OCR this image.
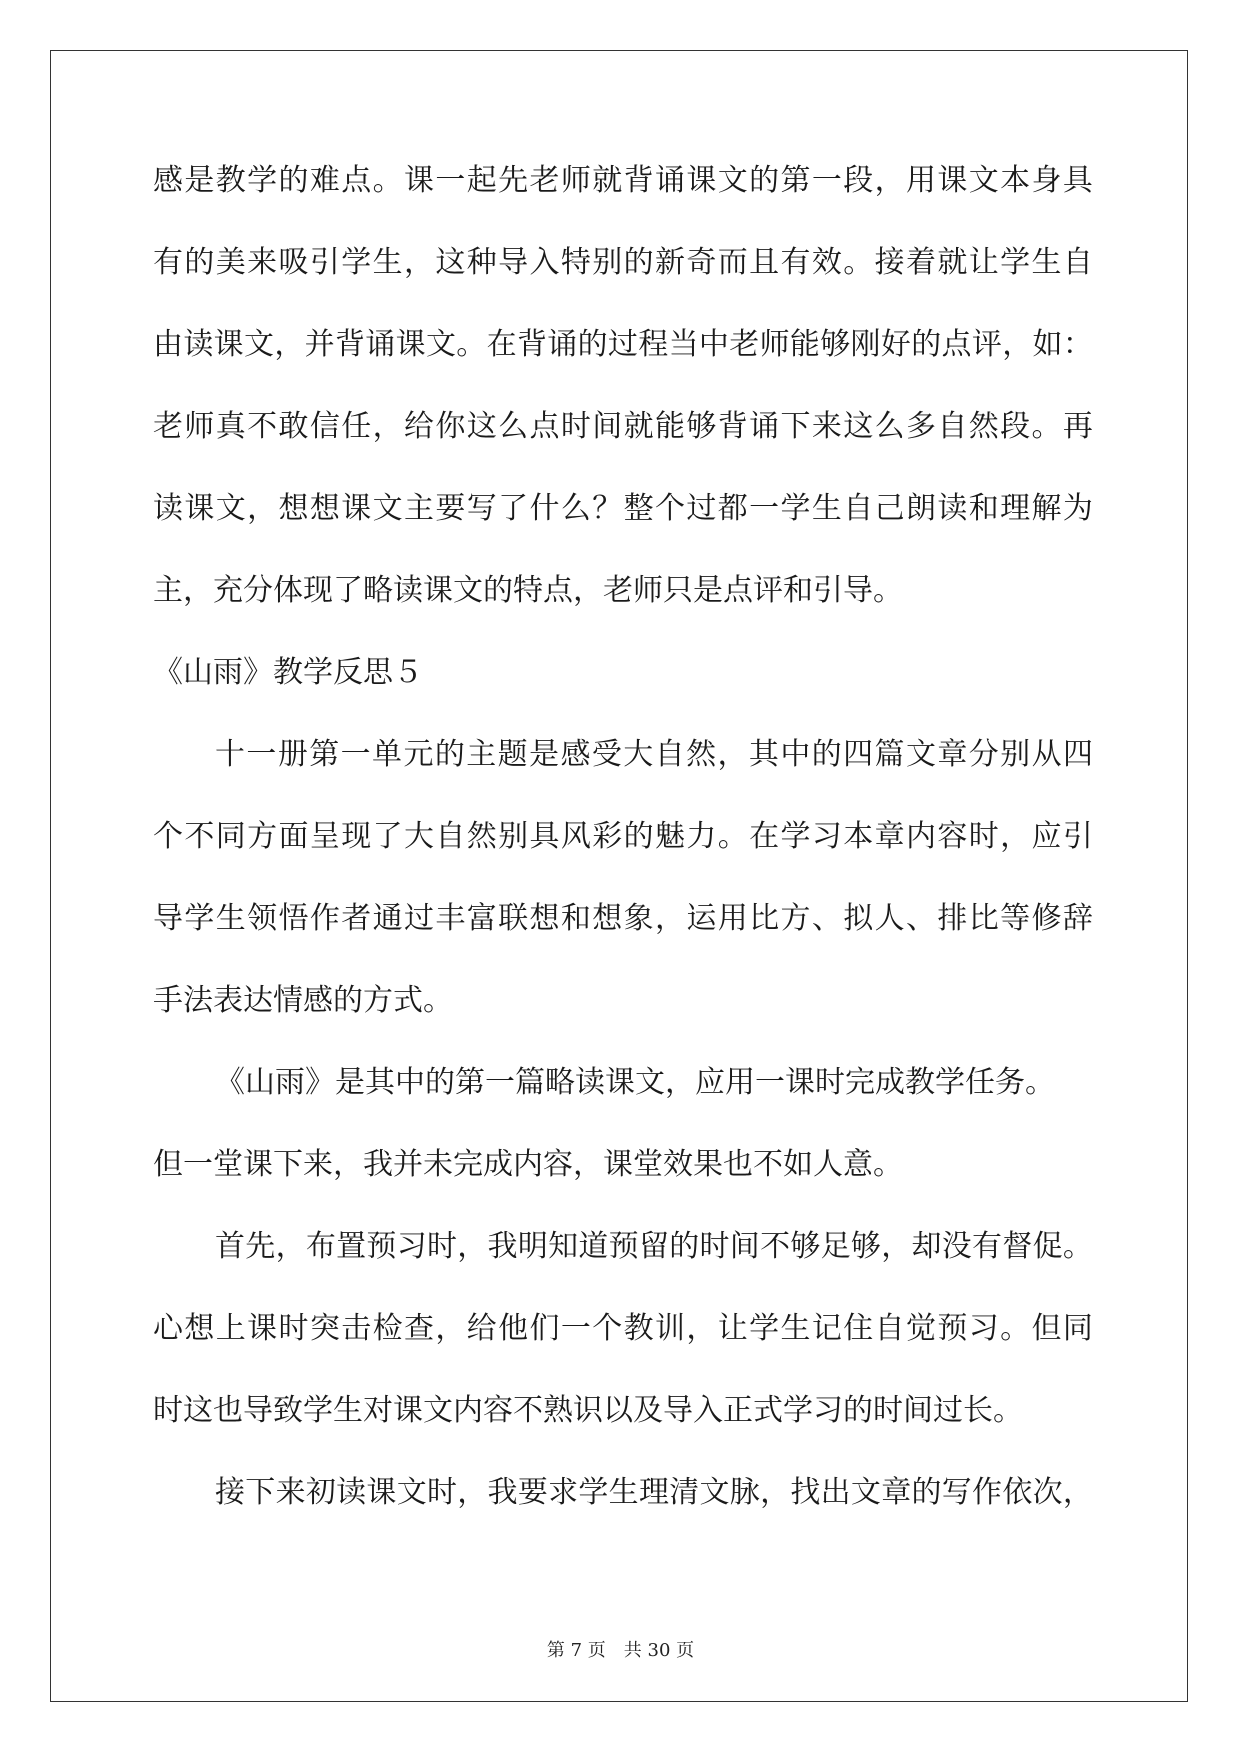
感 是 教 学 的 难 点 。 课 一 起 先 老 师 就 背 诵 课 文 的 第 一 段 ， 用 课 文 本 身 具
有 的 美 来 吸 引 学 生 ， 这 种 导 入 特 别 的 新 奇 而 且 有 效 。 接 着 就 让 学 生 自
由 读 课 文 ， 并 背 诵 课 文 。 在 背 诵 的 过 程 当 中 老 师 能 够 刚 好 的 点 评 ， 如 ：
老 师 真 不 敢 信 任 ， 给 你 这 么 点 时 间 就 能 够 背 诵 下 来 这 么 多 自 然 段 。 再
读 课 文 ， 想 想 课 文 主 要 写 了 什 么 ？ 整 个 过 都 一 学 生 自 己 朗 读 和 理 解 为
主，充分体现了略读课文的特点，老师只是点评和引导。
《山雨》教学反思５
十 一 册 第 一 单 元 的 主 题 是 感 受 大 自 然 ， 其 中 的 四 篇 文 章 分 别 从 四
个 不 同 方 面 呈 现 了 大 自 然 别 具 风 彩 的 魅 力 。 在 学 习 本 章 内 容 时 ， 应 引
导 学 生 领 悟 作 者 通 过 丰 富 联 想 和 想 象 ， 运 用 比 方 、 拟 人 、 排 比 等 修 辞
手法表达情感的方式。
《山雨》是其中的第一篇略读课文，应用一课时完成教学任务。
但一堂课下来，我并未完成内容，课堂效果也不如人意。
首 先 ， 布 置 预 习 时 ， 我 明 知 道 预 留 的 时 间 不 够 足 够 ， 却 没 有 督 促 。
心 想 上 课 时 突 击 检 查 ， 给 他 们 一 个 教 训 ， 让 学 生 记 住 自 觉 预 习 。 但 同
时这也导致学生对课文内容不熟识以及导入正式学习的时间过长。
接 下 来 初 读 课 文 时 ， 我 要 求 学 生 理 清 文 脉 ， 找 出 文 章 的 写 作 依 次 ，
第 7 页　共 30 页
